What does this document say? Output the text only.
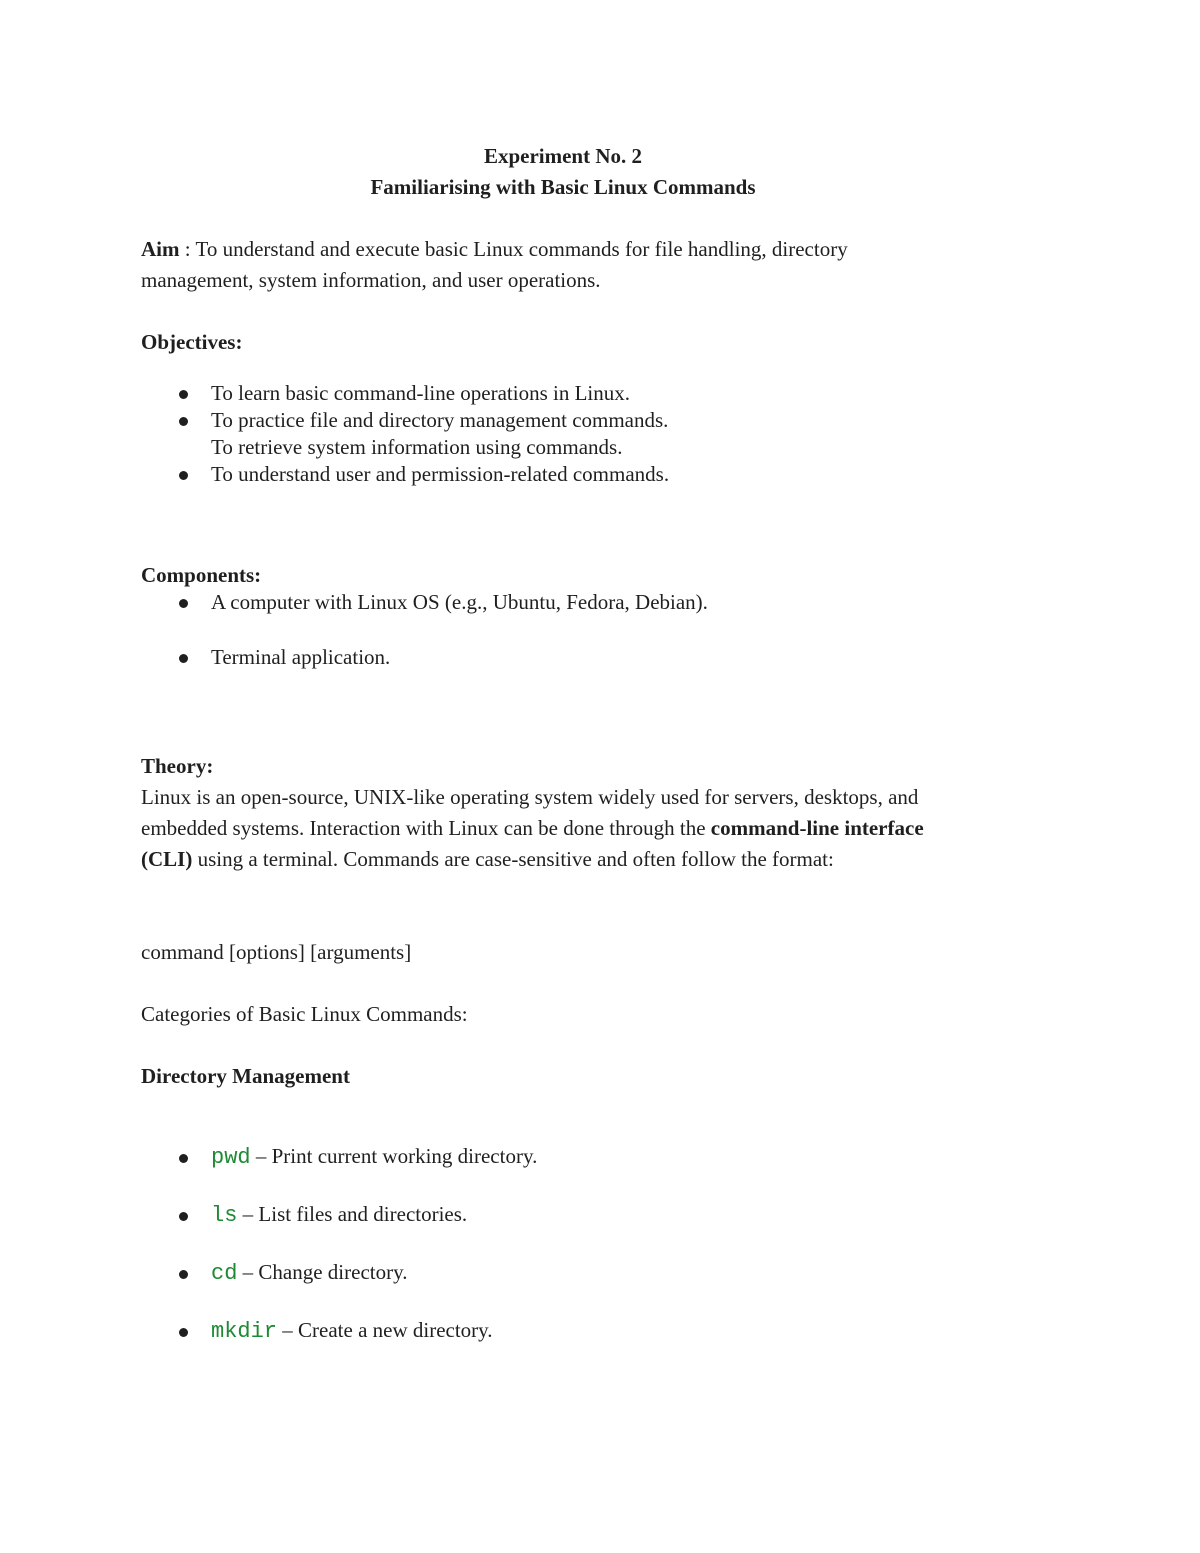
Experiment No. 2
Familiarising with Basic Linux Commands
Aim : To understand and execute basic Linux commands for file handling, directory
management, system information, and user operations.
Objectives:
To learn basic command-line operations in Linux.
To practice file and directory management commands.
To retrieve system information using commands.
To understand user and permission-related commands.
Components:
A computer with Linux OS (e.g., Ubuntu, Fedora, Debian).
Terminal application.
Theory:
Linux is an open-source, UNIX-like operating system widely used for servers, desktops, and
embedded systems. Interaction with Linux can be done through the command-line interface
(CLI) using a terminal. Commands are case-sensitive and often follow the format:
command [options] [arguments]
Categories of Basic Linux Commands:
Directory Management
pwd – Print current working directory.
ls – List files and directories.
cd – Change directory.
mkdir – Create a new directory.
